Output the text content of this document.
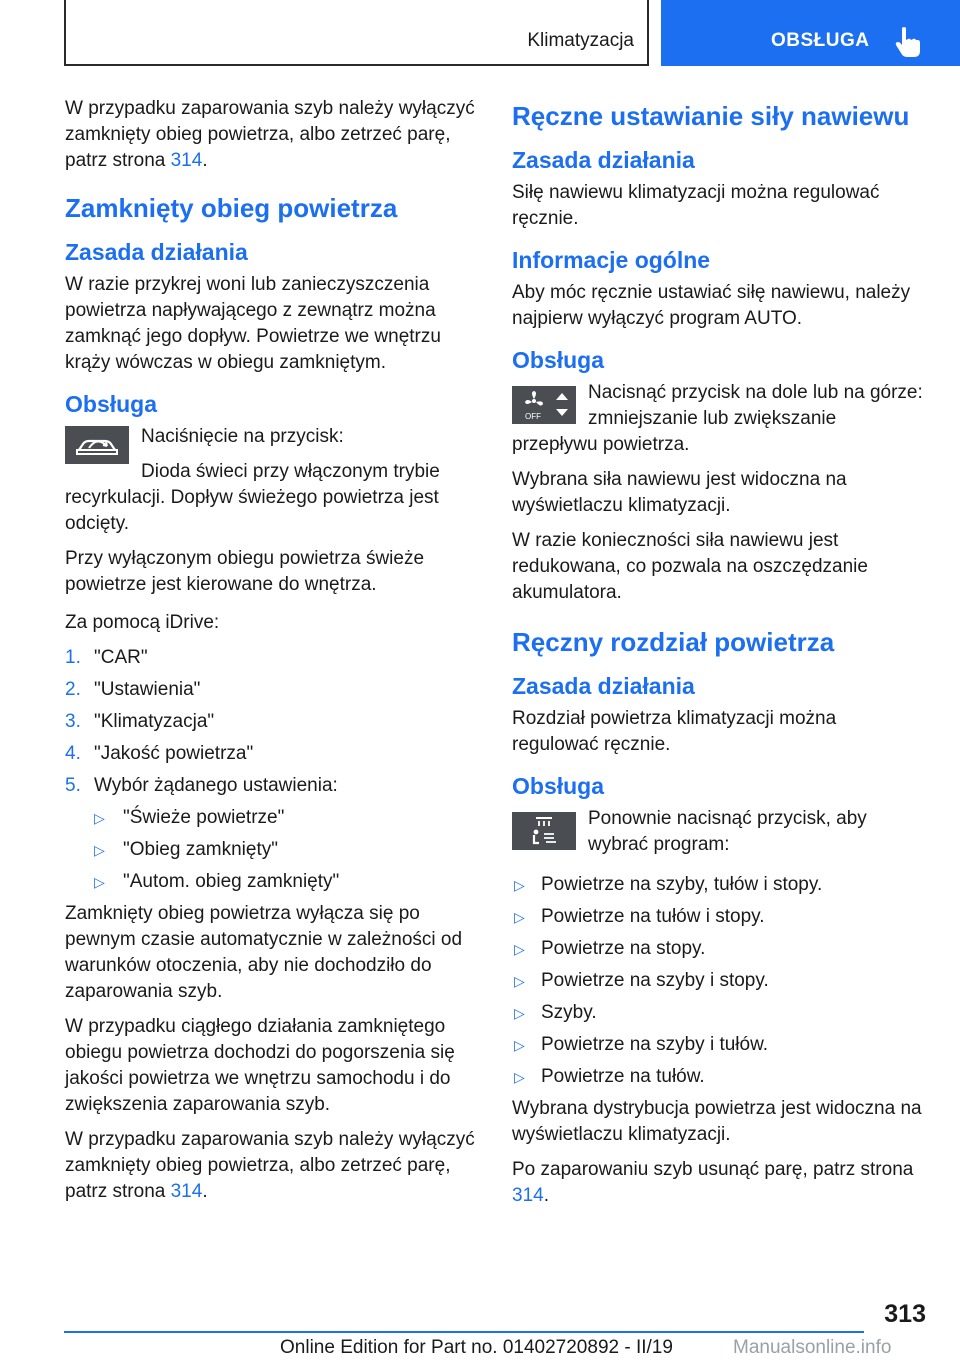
Klimatyzacja	OBSŁUGA

W przypadku zaparowania szyb należy wyłączyć zamknięty obieg powietrza, albo zetrzeć parę, patrz strona 314.

Zamknięty obieg powietrza
Zasada działania

W razie przykrej woni lub zanieczyszczenia powietrza napływającego z zewnątrz można zamknąć jego dopływ. Powietrze we wnętrzu krąży wówczas w obiegu zamkniętym.

Obsługa

Naciśnięcie na przycisk:

Dioda świeci przy włączonym trybie recyrkulacji. Dopływ świeżego powietrza jest odcięty.

Przy wyłączonym obiegu powietrza świeże powietrze jest kierowane do wnętrza.

Za pomocą iDrive:

1. "CAR"
2. "Ustawienia"
3. "Klimatyzacja"
4. "Jakość powietrza"
5. Wybór żądanego ustawienia:
▷ "Świeże powietrze"
▷ "Obieg zamknięty"
▷ "Autom. obieg zamknięty"

Zamknięty obieg powietrza wyłącza się po pewnym czasie automatycznie w zależności od warunków otoczenia, aby nie dochodziło do zaparowania szyb.

W przypadku ciągłego działania zamkniętego obiegu powietrza dochodzi do pogorszenia się jakości powietrza we wnętrzu samochodu i do zwiększenia zaparowania szyb.

W przypadku zaparowania szyb należy wyłączyć zamknięty obieg powietrza, albo zetrzeć parę, patrz strona 314.

Ręczne ustawianie siły nawiewu
Zasada działania

Siłę nawiewu klimatyzacji można regulować ręcznie.

Informacje ogólne

Aby móc ręcznie ustawiać siłę nawiewu, należy najpierw wyłączyć program AUTO.

Obsługa
OFF

Nacisnąć przycisk na dole lub na górze: zmniejszanie lub zwiększanie przepływu powietrza.

Wybrana siła nawiewu jest widoczna na wyświetlaczu klimatyzacji.

W razie konieczności siła nawiewu jest redukowana, co pozwala na oszczędzanie akumulatora.

Ręczny rozdział powietrza
Zasada działania

Rozdział powietrza klimatyzacji można regulować ręcznie.

Obsługa

Ponownie nacisnąć przycisk, aby wybrać program:

▷ Powietrze na szyby, tułów i stopy.
▷ Powietrze na tułów i stopy.
▷ Powietrze na stopy.
▷ Powietrze na szyby i stopy.
▷ Szyby.
▷ Powietrze na szyby i tułów.
▷ Powietrze na tułów.

Wybrana dystrybucja powietrza jest widoczna na wyświetlaczu klimatyzacji.

Po zaparowaniu szyb usunąć parę, patrz strona 314.

313
Online Edition for Part no. 01402720892 - II/19	Manualsonline.info
